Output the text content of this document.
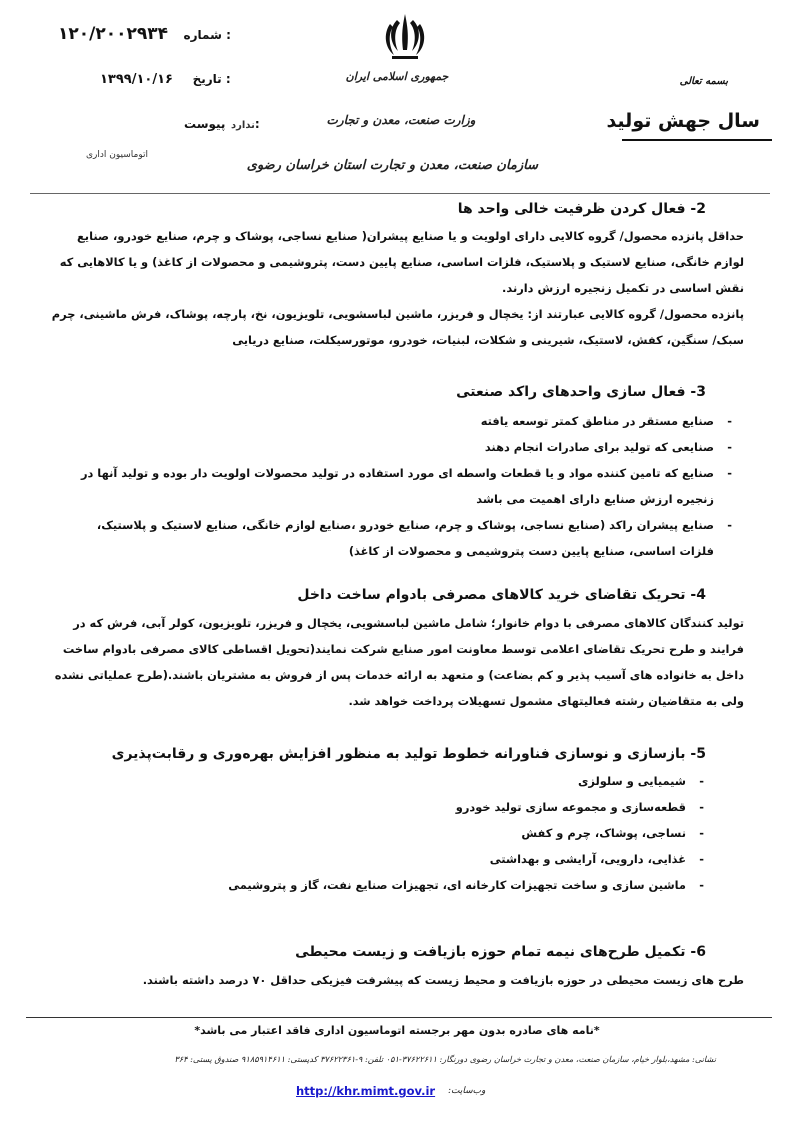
۱۲۰/۲۰۰۲۹۳۴ شماره :
۱۳۹۹/۱۰/۱۶ تاریخ :
ندارد پیوست:
اتوماسیون اداری
جمهوری اسلامی ایران
وزارت صنعت، معدن و تجارت
سازمان صنعت، معدن و تجارت استان خراسان رضوی
بسمه تعالی
سال جهش تولید
2- فعال کردن ظرفیت خالی واحد ها

حداقل پانزده محصول/ گروه کالایی دارای اولویت و یا صنایع پیشران( صنایع نساجی، پوشاک و چرم، صنایع خودرو، صنایع لوازم خانگی، صنایع لاستیک و پلاستیک، فلزات اساسی، صنایع پایین دست، پتروشیمی و محصولات از کاغذ) و یا کالاهایی که نقش اساسی در تکمیل زنجیره ارزش دارند.

پانزده محصول/ گروه کالایی عبارتند از: یخچال و فریزر، ماشین لباسشویی، تلویزیون، نخ، پارچه، پوشاک، فرش ماشینی، چرم سبک/ سنگین، کفش، لاستیک، شیرینی و شکلات، لبنیات، خودرو، موتورسیکلت، صنایع دریایی

3- فعال سازی واحدهای راکد صنعتی
- صنایع مستقر در مناطق کمتر توسعه یافته
- صنایعی که تولید برای صادرات انجام دهند
- صنایع که تامین کننده مواد و یا قطعات واسطه ای مورد استفاده در تولید محصولات اولویت دار بوده و تولید آنها در زنجیره ارزش صنایع دارای اهمیت می باشد
- صنایع پیشران راکد (صنایع نساجی، پوشاک و چرم، صنایع خودرو ،صنایع لوازم خانگی، صنایع لاستیک و پلاستیک، فلزات اساسی، صنایع پایین دست پتروشیمی و محصولات از کاغذ)
4- تحریک تقاضای خرید کالاهای مصرفی بادوام ساخت داخل

تولید کنندگان کالاهای مصرفی با دوام خانوار؛ شامل ماشین لباسشویی، یخچال و فریزر، تلویزیون، کولر آبی، فرش که در فرایند و طرح تحریک تقاضای اعلامی توسط معاونت امور صنایع شرکت نمایند(تحویل اقساطی کالای مصرفی بادوام ساخت داخل به خانواده های آسیب پذیر و کم بضاعت) و متعهد به ارائه خدمات پس از فروش به مشتریان باشند.(طرح عملیاتی نشده ولی به متقاضیان رشته فعالیتهای مشمول تسهیلات پرداخت خواهد شد.

5- بازسازی و نوسازی فناورانه خطوط تولید به منظور افزایش بهره‌وری و رقابت‌پذیری
- شیمیایی و سلولزی
- قطعه‌سازی و مجموعه سازی تولید خودرو
- نساجی، پوشاک، چرم و کفش
- غذایی، دارویی، آرایشی و بهداشتی
- ماشین سازی و ساخت تجهیزات کارخانه ای، تجهیزات صنایع نفت، گاز و پتروشیمی
6- تکمیل طرح‌های نیمه تمام حوزه بازیافت و زیست محیطی

طرح های زیست محیطی در حوزه بازیافت و محیط زیست که پیشرفت فیزیکی حداقل ۷۰ درصد داشته باشند.

*نامه های صادره بدون مهر برجسته اتوماسیون اداری فاقد اعتبار می باشد*
نشانی: مشهد،بلوار خیام، سازمان صنعت، معدن و تجارت خراسان رضوی دورنگار: ۳۷۶۲۲۶۱۱-۰۵۱ تلفن: ۹-۳۷۶۲۲۳۶۱ کدپستی: ۹۱۸۵۹۱۴۶۱۱ صندوق پستی: ۳۶۴
وب‌سایت:
http://khr.mimt.gov.ir
